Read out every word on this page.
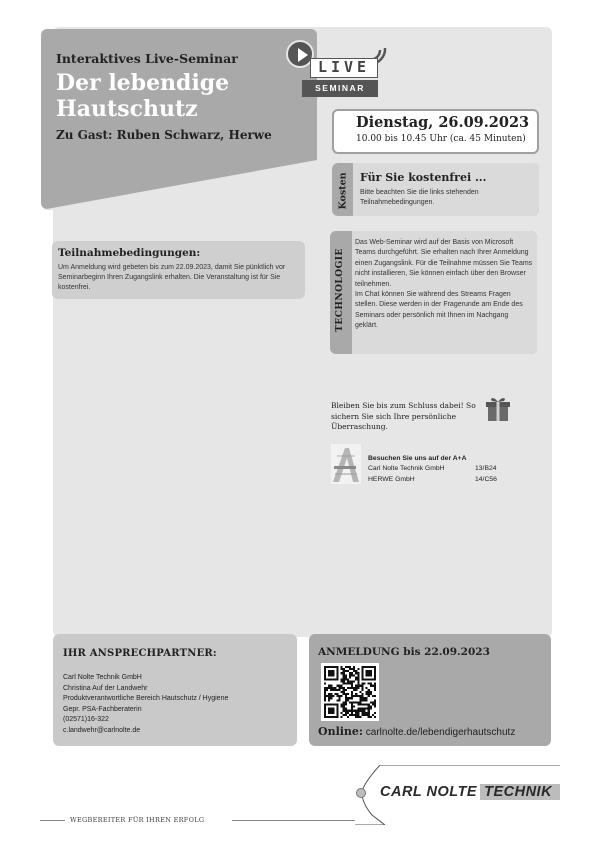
Interaktives Live-Seminar
Der lebendige Hautschutz
Zu Gast: Ruben Schwarz, Herwe
LIVE
SEMINAR
Dienstag, 26.09.2023
10.00 bis 10.45 Uhr (ca. 45 Minuten)
Kosten Für Sie kostenfrei ...
Bitte beachten Sie die links stehenden Teilnahmebedingungen.
TECHNOLOGIE
Das Web-Seminar wird auf der Basis von Microsoft Teams durchgeführt. Sie erhalten nach Ihrer Anmeldung einen Zugangslink. Für die Teilnahme müssen Sie Teams nicht installieren, Sie können einfach über den Browser teilnehmen.
Im Chat können Sie während des Streams Fragen stellen. Diese werden in der Fragerunde am Ende des Seminars oder persönlich mit Ihnen im Nachgang geklärt.
Teilnahmebedingungen:
Um Anmeldung wird gebeten bis zum 22.09.2023, damit Sie pünktlich vor Seminarbeginn Ihren Zugangslink erhalten. Die Veranstaltung ist für Sie kostenfrei.
Bleiben Sie bis zum Schluss dabei! So sichern Sie sich Ihre persönliche Überraschung.
Besuchen Sie uns auf der A+A
Carl Nolte Technik GmbH	13/B24
HERWE GmbH	14/C56
IHR ANSPRECHPARTNER:
Carl Nolte Technik GmbH
Christina Auf der Landwehr
Produktverantwortliche Bereich Hautschutz / Hygiene
Gepr. PSA-Fachberaterin
(02571)16-322
c.landwehr@carlnolte.de
ANMELDUNG bis 22.09.2023
Online: carlnolte.de/lebendigerhautschutz
CARL NOLTE TECHNIK
WEGBEREITER FÜR IHREN ERFOLG
